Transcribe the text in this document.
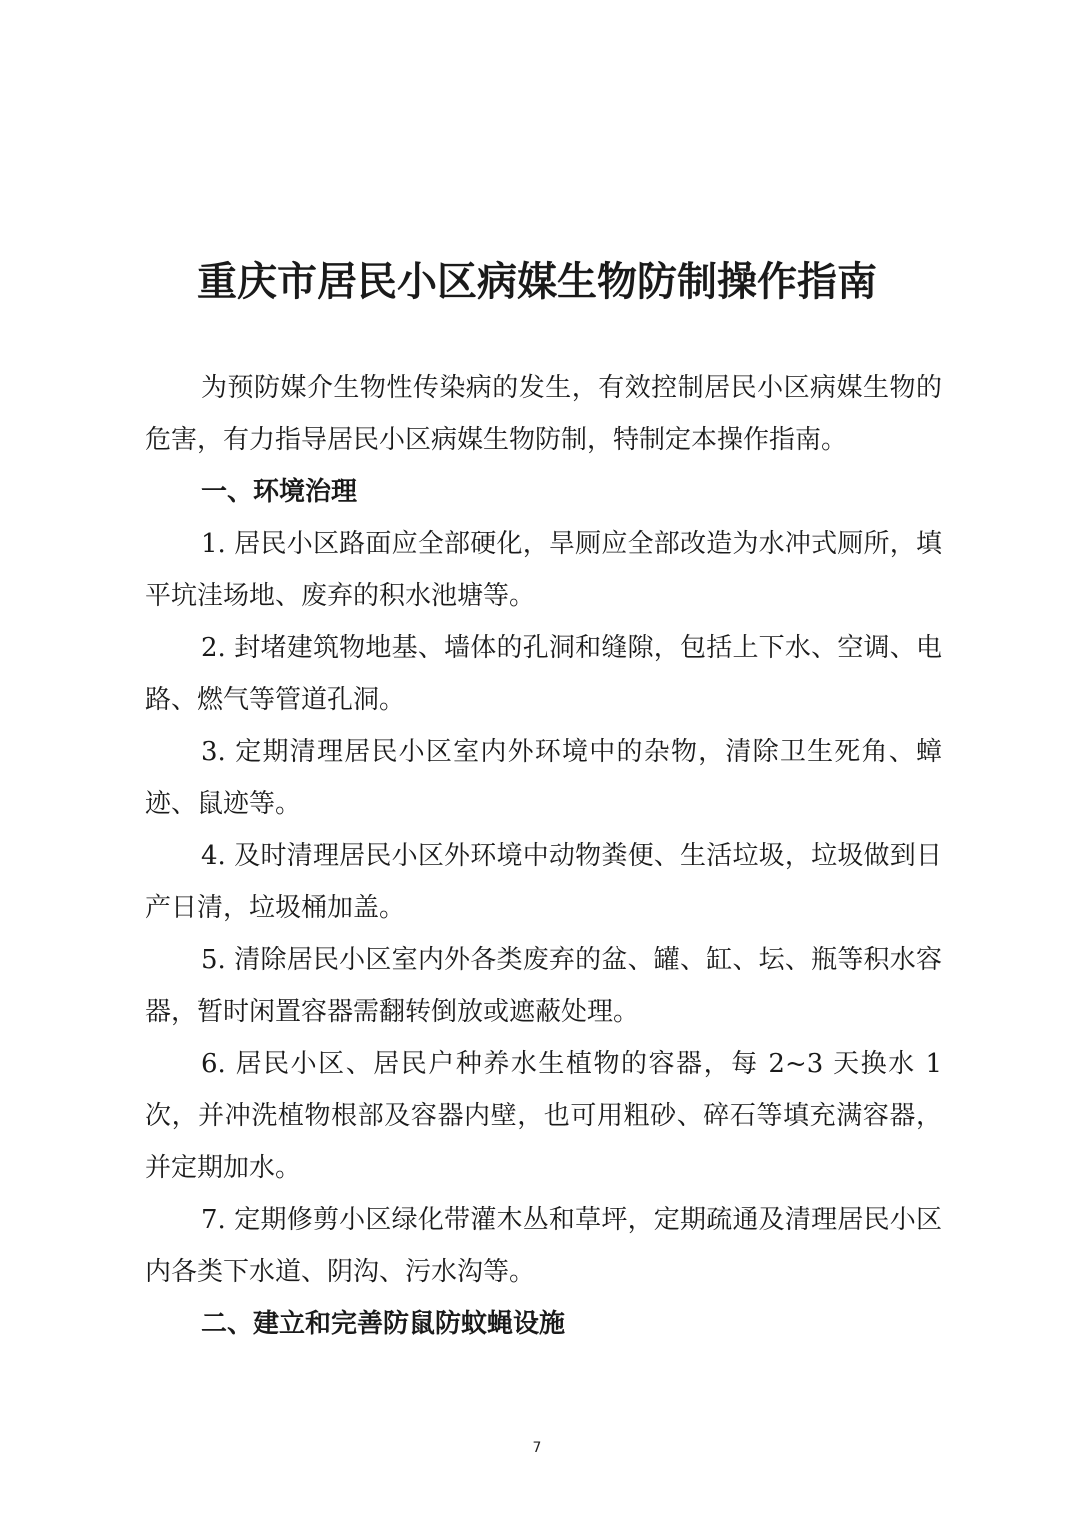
重庆市居民小区病媒生物防制操作指南

为预防媒介生物性传染病的发生，有效控制居民小区病媒生物的危害，有力指导居民小区病媒生物防制，特制定本操作指南。

一、环境治理

1. 居民小区路面应全部硬化，旱厕应全部改造为水冲式厕所，填平坑洼场地、废弃的积水池塘等。

2. 封堵建筑物地基、墙体的孔洞和缝隙，包括上下水、空调、电路、燃气等管道孔洞。

3. 定期清理居民小区室内外环境中的杂物，清除卫生死角、蟑迹、鼠迹等。

4. 及时清理居民小区外环境中动物粪便、生活垃圾，垃圾做到日产日清，垃圾桶加盖。

5. 清除居民小区室内外各类废弃的盆、罐、缸、坛、瓶等积水容器，暂时闲置容器需翻转倒放或遮蔽处理。

6. 居民小区、居民户种养水生植物的容器，每 2~3 天换水 1次，并冲洗植物根部及容器内壁，也可用粗砂、碎石等填充满容器，并定期加水。

7. 定期修剪小区绿化带灌木丛和草坪，定期疏通及清理居民小区内各类下水道、阴沟、污水沟等。

二、建立和完善防鼠防蚊蝇设施

7
